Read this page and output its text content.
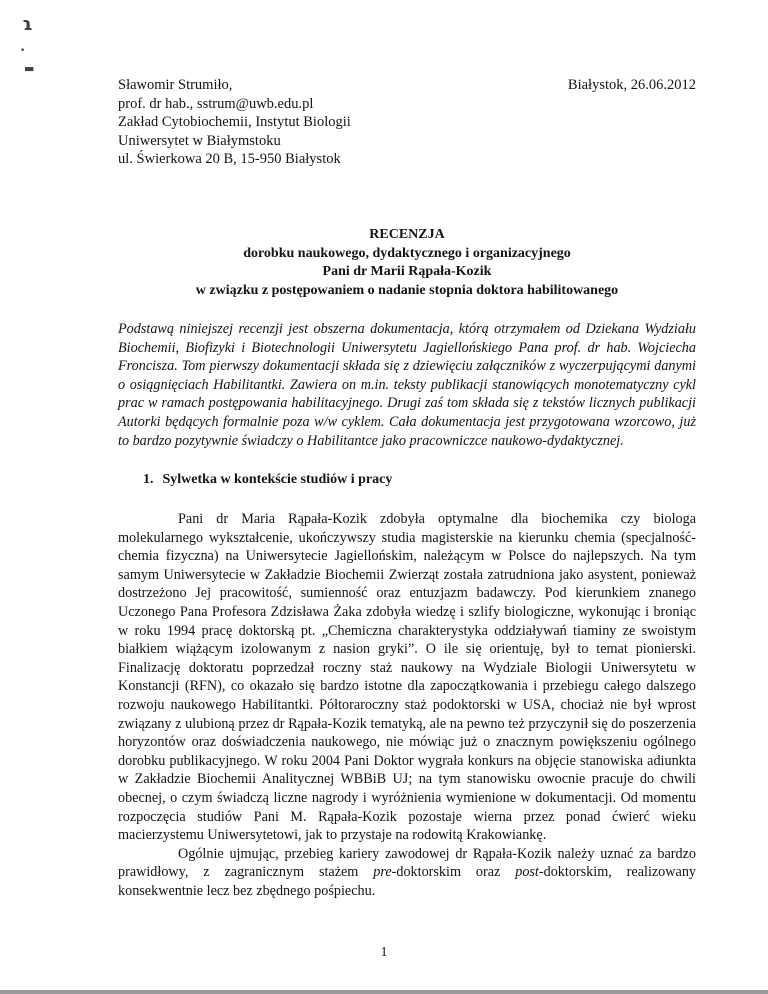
ɿ
•
▬
Sławomir Strumiło,
prof. dr hab., sstrum@uwb.edu.pl
Zakład Cytobiochemii, Instytut Biologii
Uniwersytet w Białymstoku
ul. Świerkowa 20 B, 15-950 Białystok
Białystok, 26.06.2012
RECENZJA
dorobku naukowego, dydaktycznego i organizacyjnego
Pani dr Marii Rąpała-Kozik
w związku z postępowaniem o nadanie stopnia doktora habilitowanego
Podstawą niniejszej recenzji jest obszerna dokumentacja, którą otrzymałem od Dziekana Wydziału Biochemii, Biofizyki i Biotechnologii Uniwersytetu Jagiellońskiego Pana prof. dr hab. Wojciecha Froncisza. Tom pierwszy dokumentacji składa się z dziewięciu załączników z wyczerpującymi danymi o osiągnięciach Habilitantki. Zawiera on m.in. teksty publikacji stanowiących monotematyczny cykl prac w ramach postępowania habilitacyjnego. Drugi zaś tom składa się z tekstów licznych publikacji Autorki będących formalnie poza w/w cyklem. Cała dokumentacja jest przygotowana wzorcowo, już to bardzo pozytywnie świadczy o Habilitantce jako pracowniczce naukowo-dydaktycznej.
1. Sylwetka w kontekście studiów i pracy

Pani dr Maria Rąpała-Kozik zdobyła optymalne dla biochemika czy biologa molekularnego wykształcenie, ukończywszy studia magisterskie na kierunku chemia (specjalność-chemia fizyczna) na Uniwersytecie Jagiellońskim, należącym w Polsce do najlepszych. Na tym samym Uniwersytecie w Zakładzie Biochemii Zwierząt została zatrudniona jako asystent, ponieważ dostrzeżono Jej pracowitość, sumienność oraz entuzjazm badawczy. Pod kierunkiem znanego Uczonego Pana Profesora Zdzisława Żaka zdobyła wiedzę i szlify biologiczne, wykonując i broniąc w roku 1994 pracę doktorską pt. „Chemiczna charakterystyka oddziaływań tiaminy ze swoistym białkiem wiążącym izolowanym z nasion gryki”. O ile się orientuję, był to temat pionierski. Finalizację doktoratu poprzedzał roczny staż naukowy na Wydziale Biologii Uniwersytetu w Konstancji (RFN), co okazało się bardzo istotne dla zapoczątkowania i przebiegu całego dalszego rozwoju naukowego Habilitantki. Półtoraroczny staż podoktorski w USA, chociaż nie był wprost związany z ulubioną przez dr Rąpała-Kozik tematyką, ale na pewno też przyczynił się do poszerzenia horyzontów oraz doświadczenia naukowego, nie mówiąc już o znacznym powiększeniu ogólnego dorobku publikacyjnego. W roku 2004 Pani Doktor wygrała konkurs na objęcie stanowiska adiunkta w Zakładzie Biochemii Analitycznej WBBiB UJ; na tym stanowisku owocnie pracuje do chwili obecnej, o czym świadczą liczne nagrody i wyróżnienia wymienione w dokumentacji. Od momentu rozpoczęcia studiów Pani M. Rąpała-Kozik pozostaje wierna przez ponad ćwierć wieku macierzystemu Uniwersytetowi, jak to przystaje na rodowitą Krakowiankę.

Ogólnie ujmując, przebieg kariery zawodowej dr Rąpała-Kozik należy uznać za bardzo prawidłowy, z zagranicznym stażem pre-doktorskim oraz post-doktorskim, realizowany konsekwentnie lecz bez zbędnego pośpiechu.

1
